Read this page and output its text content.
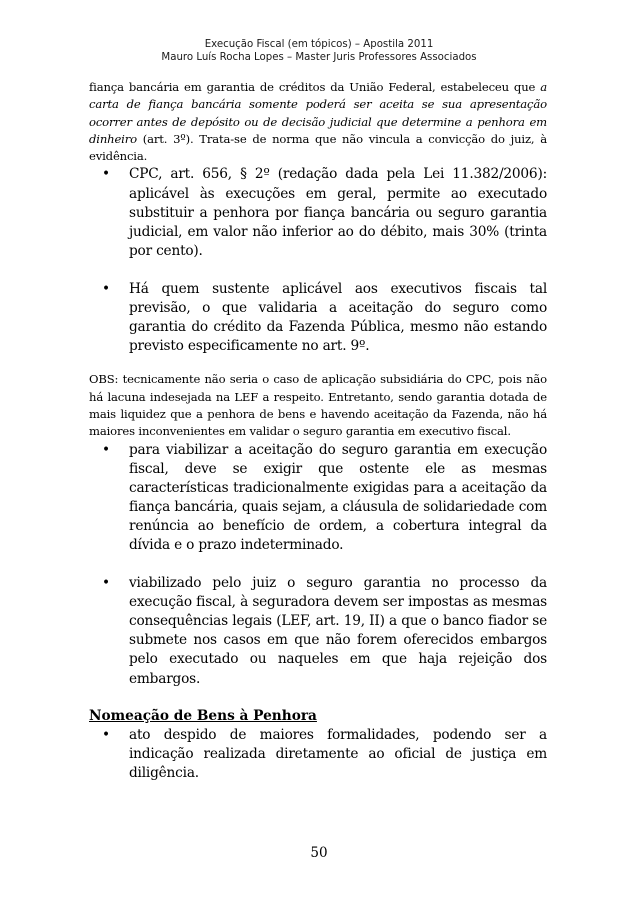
Execução Fiscal (em tópicos) – Apostila 2011
Mauro Luís Rocha Lopes – Master Juris Professores Associados

fiança bancária em garantia de créditos da União Federal, estabeleceu que a carta de fiança bancária somente poderá ser aceita se sua apresentação ocorrer antes de depósito ou de decisão judicial que determine a penhora em dinheiro (art. 3º). Trata-se de norma que não vincula a convicção do juiz, à evidência.

• CPC, art. 656, § 2º (redação dada pela Lei 11.382/2006): aplicável às execuções em geral, permite ao executado substituir a penhora por fiança bancária ou seguro garantia judicial, em valor não inferior ao do débito, mais 30% (trinta por cento).
• Há quem sustente aplicável aos executivos fiscais tal previsão, o que validaria a aceitação do seguro como garantia do crédito da Fazenda Pública, mesmo não estando previsto especificamente no art. 9º.

OBS: tecnicamente não seria o caso de aplicação subsidiária do CPC, pois não há lacuna indesejada na LEF a respeito. Entretanto, sendo garantia dotada de mais liquidez que a penhora de bens e havendo aceitação da Fazenda, não há maiores inconvenientes em validar o seguro garantia em executivo fiscal.

• para viabilizar a aceitação do seguro garantia em execução fiscal, deve se exigir que ostente ele as mesmas características tradicionalmente exigidas para a aceitação da fiança bancária, quais sejam, a cláusula de solidariedade com renúncia ao benefício de ordem, a cobertura integral da dívida e o prazo indeterminado.
• viabilizado pelo juiz o seguro garantia no processo da execução fiscal, à seguradora devem ser impostas as mesmas consequências legais (LEF, art. 19, II) a que o banco fiador se submete nos casos em que não forem oferecidos embargos pelo executado ou naqueles em que haja rejeição dos embargos.
Nomeação de Bens à Penhora
• ato despido de maiores formalidades, podendo ser a indicação realizada diretamente ao oficial de justiça em diligência.
50
